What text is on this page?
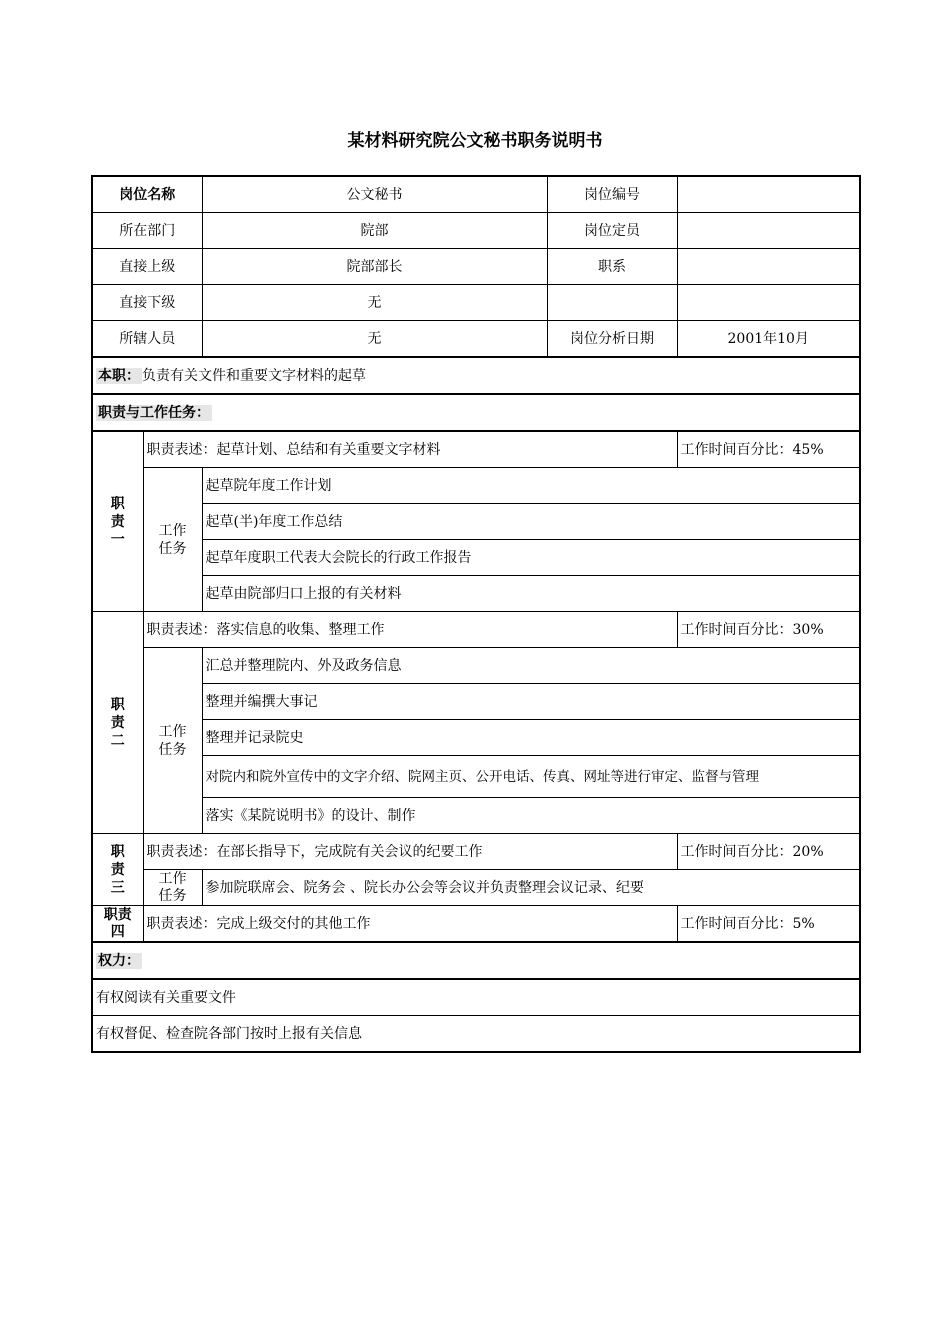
某材料研究院公文秘书职务说明书
岗位名称		公文秘书	岗位编号	
所在部门		院部	岗位定员	
直接上级		院部部长	职系	
直接下级		无		
所辖人员		无	岗位分析日期	2001年10月
本职： 负责有关文件和重要文字材料的起草				
职责与工作任务：				
职
责
一	职责表述：起草计划、总结和有关重要文字材料			工作时间百分比：45%
	工作
任务	起草院年度工作计划		
		起草(半)年度工作总结		
		起草年度职工代表大会院长的行政工作报告		
		起草由院部归口上报的有关材料		
职
责
二	职责表述：落实信息的收集、整理工作			工作时间百分比：30%
	工作
任务	汇总并整理院内、外及政务信息		
		整理并编撰大事记		
		整理并记录院史		
		对院内和院外宣传中的文字介绍、院网主页、公开电话、传真、网址等进行审定、监督与管理		
		落实《某院说明书》的设计、制作		
职
责
三	职责表述：在部长指导下，完成院有关会议的纪要工作			工作时间百分比：20%
	工作
任务	参加院联席会、院务会 、院长办公会等会议并负责整理会议记录、纪要		
职责
四	职责表述：完成上级交付的其他工作			工作时间百分比：5%
权力：				
有权阅读有关重要文件				
有权督促、检查院各部门按时上报有关信息				
